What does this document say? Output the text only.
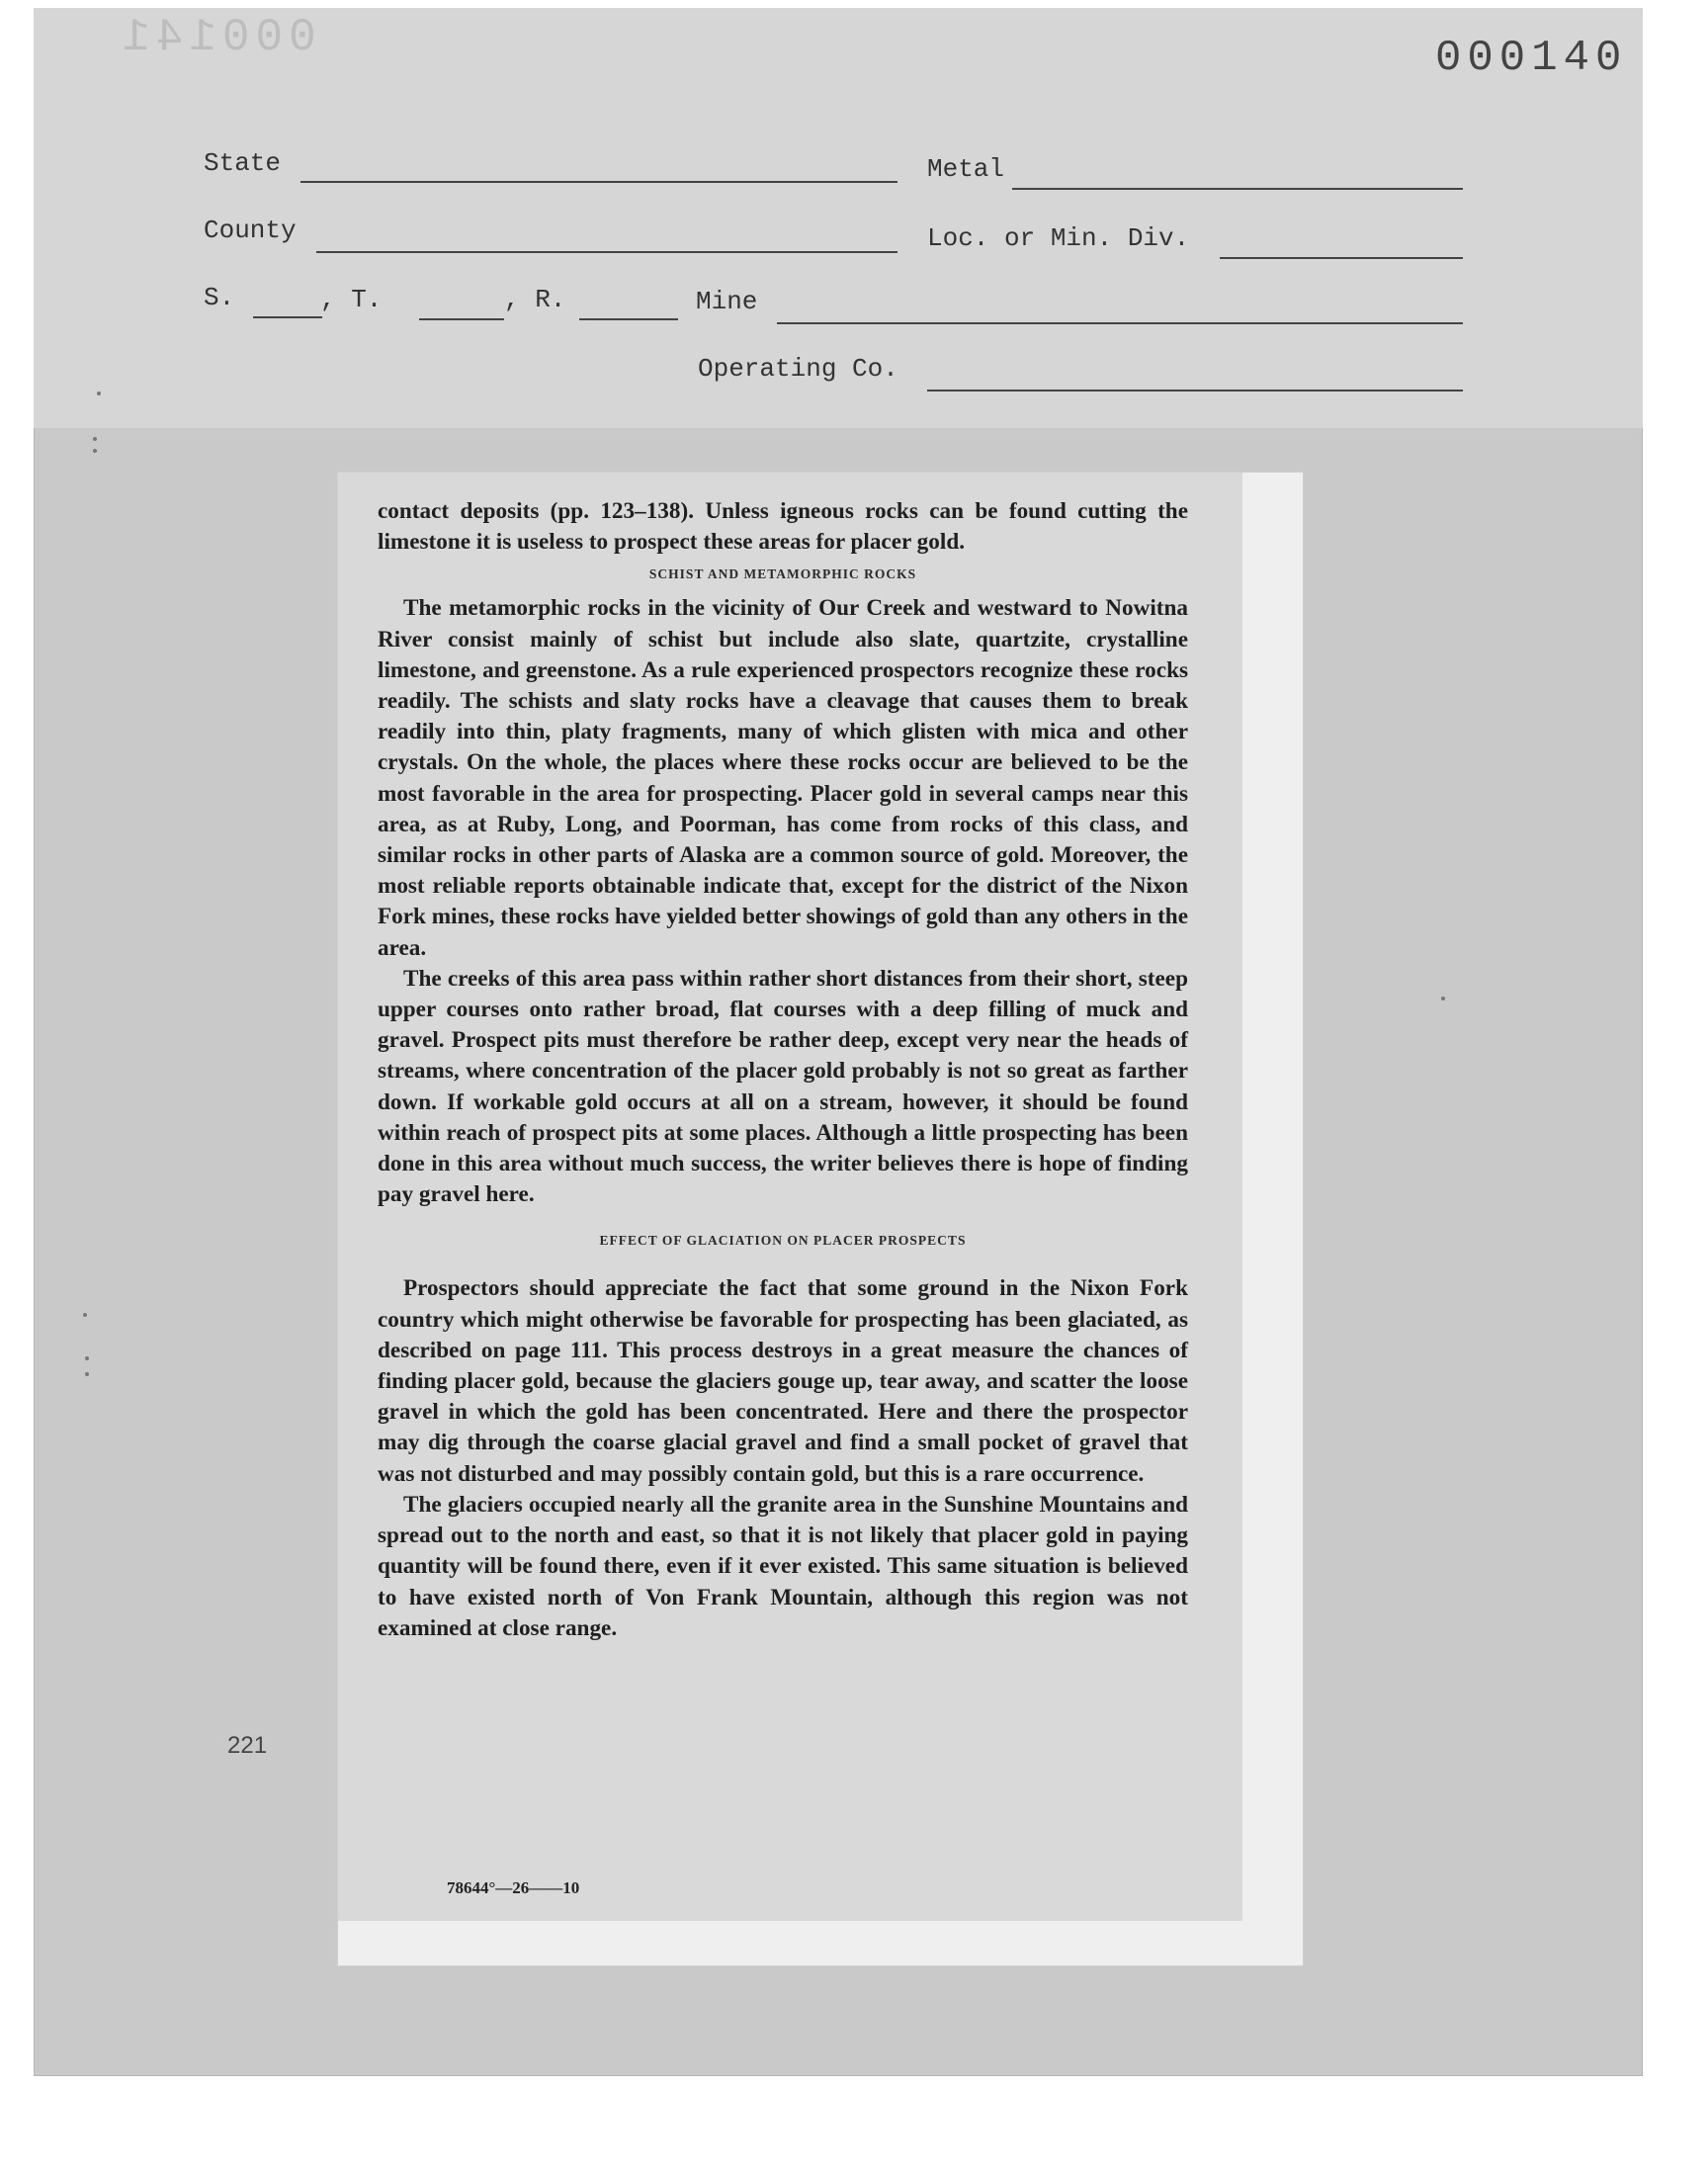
000141	000140
State	Metal
County	Loc. or Min. Div.
S.	, T.	, R.	Mine
Operating Co.
221

contact deposits (pp. 123–138). Unless igneous rocks can be found cutting the limestone it is useless to prospect these areas for placer gold.

SCHIST AND METAMORPHIC ROCKS

The metamorphic rocks in the vicinity of Our Creek and westward to Nowitna River consist mainly of schist but include also slate, quartzite, crystalline limestone, and greenstone. As a rule experienced prospectors recognize these rocks readily. The schists and slaty rocks have a cleavage that causes them to break readily into thin, platy fragments, many of which glisten with mica and other crystals. On the whole, the places where these rocks occur are believed to be the most favorable in the area for prospecting. Placer gold in several camps near this area, as at Ruby, Long, and Poorman, has come from rocks of this class, and similar rocks in other parts of Alaska are a common source of gold. Moreover, the most reliable reports obtainable indicate that, except for the district of the Nixon Fork mines, these rocks have yielded better showings of gold than any others in the area.

The creeks of this area pass within rather short distances from their short, steep upper courses onto rather broad, flat courses with a deep filling of muck and gravel. Prospect pits must therefore be rather deep, except very near the heads of streams, where concentration of the placer gold probably is not so great as farther down. If workable gold occurs at all on a stream, however, it should be found within reach of prospect pits at some places. Although a little prospecting has been done in this area without much success, the writer believes there is hope of finding pay gravel here.

EFFECT OF GLACIATION ON PLACER PROSPECTS

Prospectors should appreciate the fact that some ground in the Nixon Fork country which might otherwise be favorable for prospecting has been glaciated, as described on page 111. This process destroys in a great measure the chances of finding placer gold, because the glaciers gouge up, tear away, and scatter the loose gravel in which the gold has been concentrated. Here and there the prospector may dig through the coarse glacial gravel and find a small pocket of gravel that was not disturbed and may possibly contain gold, but this is a rare occurrence.

The glaciers occupied nearly all the granite area in the Sunshine Mountains and spread out to the north and east, so that it is not likely that placer gold in paying quantity will be found there, even if it ever existed. This same situation is believed to have existed north of Von Frank Mountain, although this region was not examined at close range.

78644°—26——10
